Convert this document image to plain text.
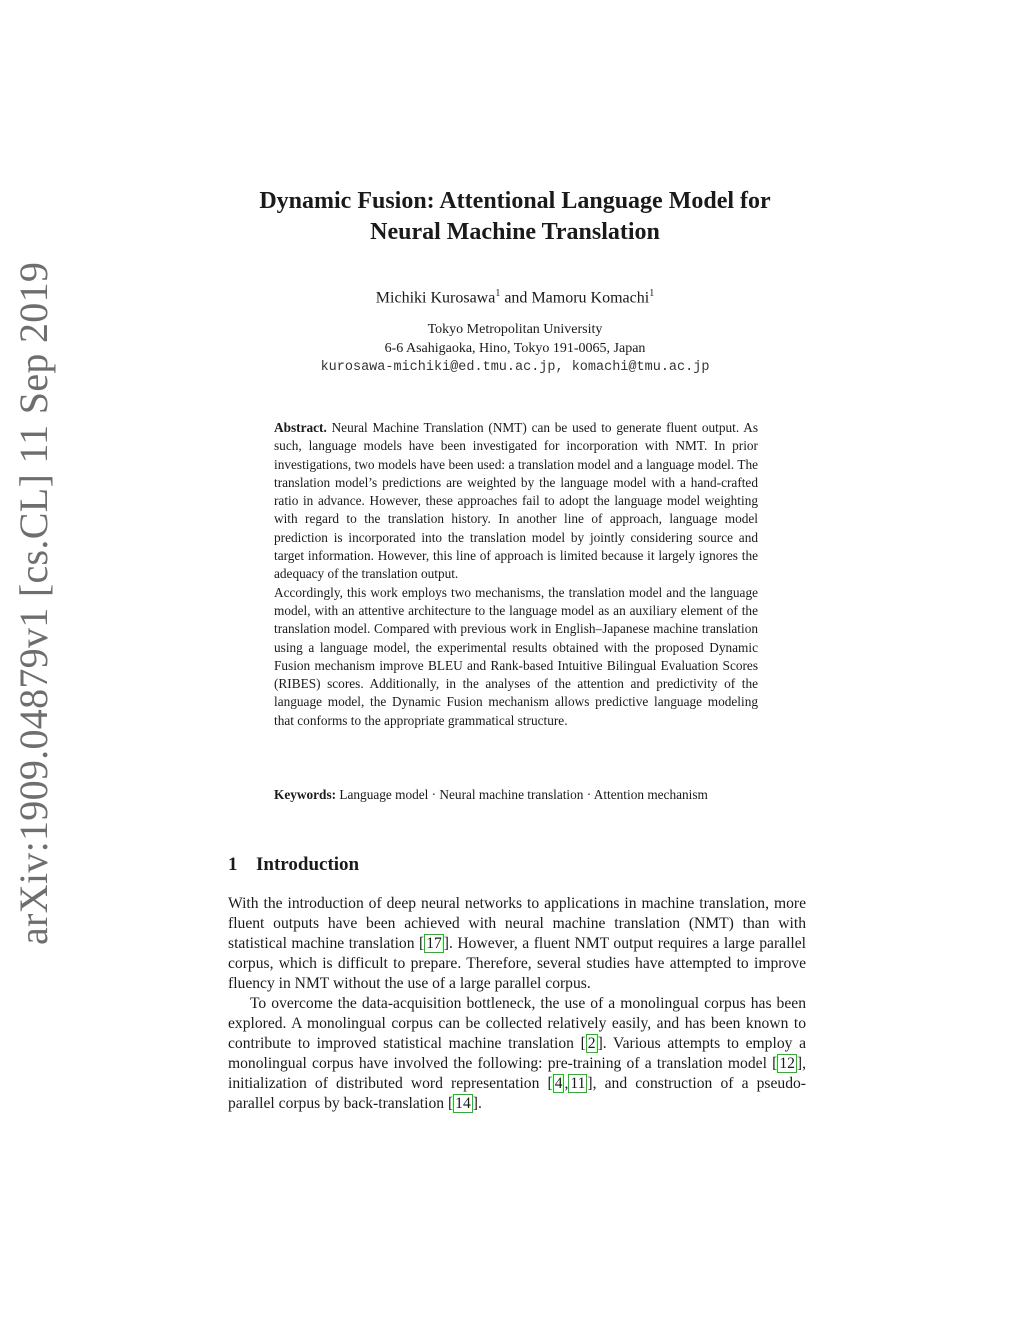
arXiv:1909.04879v1 [cs.CL] 11 Sep 2019
Dynamic Fusion: Attentional Language Model for
Neural Machine Translation
Michiki Kurosawa$^1$ and Mamoru Komachi$^1$
Tokyo Metropolitan University
6-6 Asahigaoka, Hino, Tokyo 191-0065, Japan
kurosawa-michiki@ed.tmu.ac.jp, komachi@tmu.ac.jp

Abstract. Neural Machine Translation (NMT) can be used to generate fluent output. As such, language models have been investigated for incorporation with NMT. In prior investigations, two models have been used: a translation model and a language model. The translation model’s predictions are weighted by the language model with a hand-crafted ratio in advance. However, these approaches fail to adopt the language model weighting with regard to the translation history. In another line of approach, language model prediction is incorporated into the translation model by jointly considering source and target information. However, this line of approach is limited because it largely ignores the adequacy of the translation output.

Accordingly, this work employs two mechanisms, the translation model and the language model, with an attentive architecture to the language model as an auxiliary element of the translation model. Compared with previous work in English–Japanese machine translation using a language model, the experimental results obtained with the proposed Dynamic Fusion mechanism improve BLEU and Rank-based Intuitive Bilingual Evaluation Scores (RIBES) scores. Additionally, in the analyses of the attention and predictivity of the language model, the Dynamic Fusion mechanism allows predictive language modeling that conforms to the appropriate grammatical structure.

Keywords: Language model · Neural machine translation · Attention mechanism
1 Introduction

With the introduction of deep neural networks to applications in machine translation, more fluent outputs have been achieved with neural machine translation (NMT) than with statistical machine translation [ 17 ]. However, a fluent NMT output requires a large parallel corpus, which is difficult to prepare. Therefore, several studies have attempted to improve fluency in NMT without the use of a large parallel corpus.

To overcome the data-acquisition bottleneck, the use of a monolingual corpus has been explored. A monolingual corpus can be collected relatively easily, and has been known to contribute to improved statistical machine translation [ 2 ]. Various attempts to employ a monolingual corpus have involved the following: pre-training of a translation model [ 12 ], initialization of distributed word representation [ 4 , 11 ], and construction of a pseudo-parallel corpus by back-translation [ 14 ].
